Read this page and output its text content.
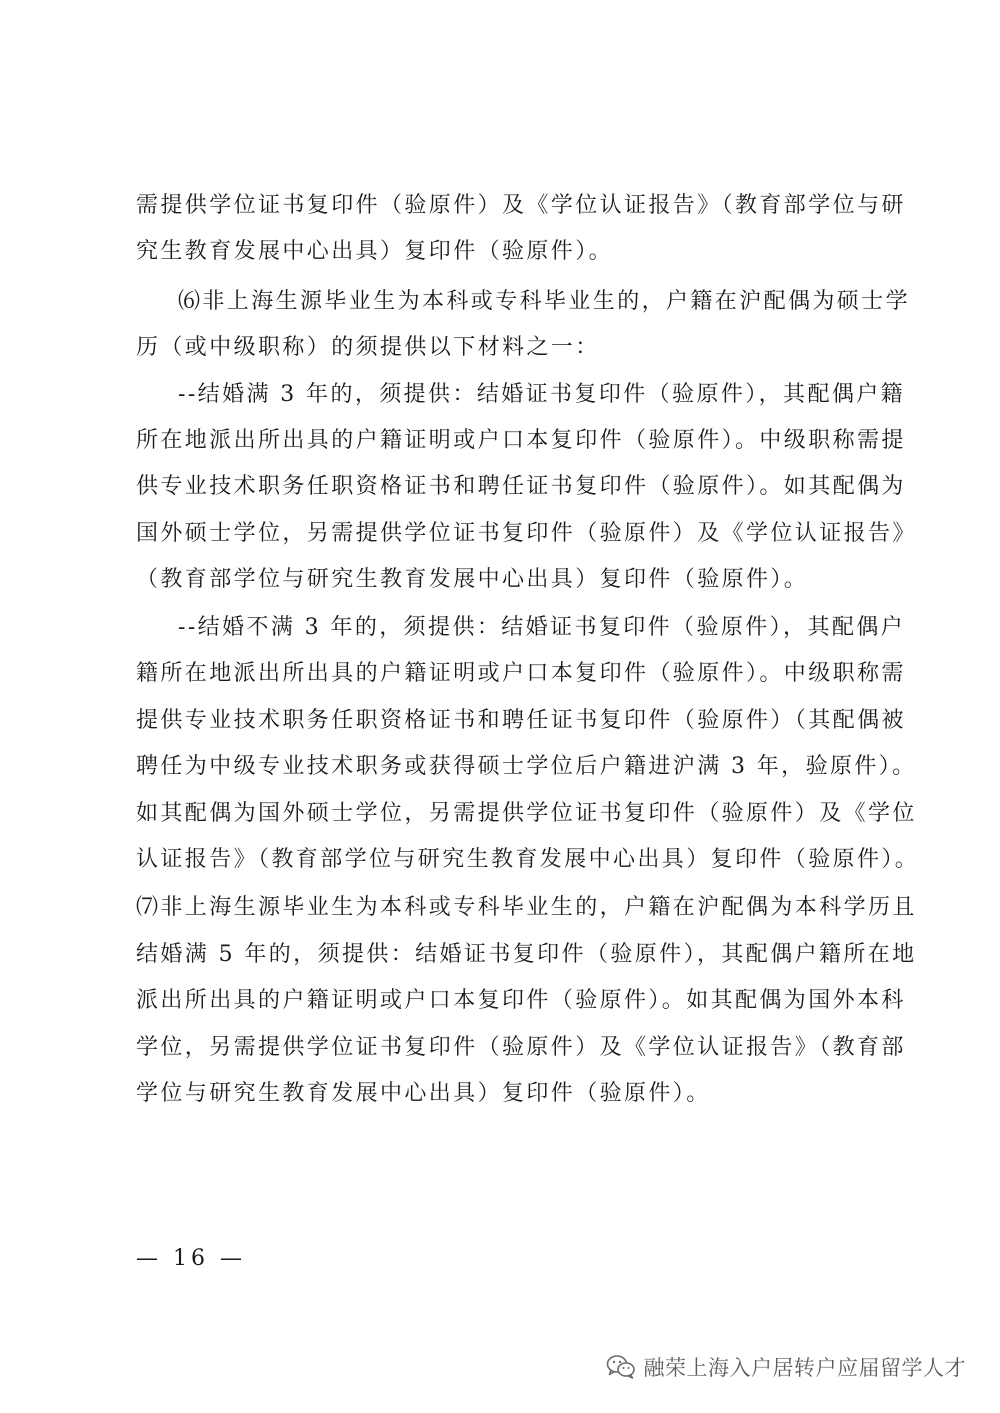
需提供学位证书复印件（验原件）及《学位认证报告》（教育部学位与研
究生教育发展中心出具）复印件（验原件）。
⑹非上海生源毕业生为本科或专科毕业生的，户籍在沪配偶为硕士学
历（或中级职称）的须提供以下材料之一：
--结婚满 3 年的，须提供：结婚证书复印件（验原件），其配偶户籍
所在地派出所出具的户籍证明或户口本复印件（验原件）。中级职称需提
供专业技术职务任职资格证书和聘任证书复印件（验原件）。如其配偶为
国外硕士学位，另需提供学位证书复印件（验原件）及《学位认证报告》
（教育部学位与研究生教育发展中心出具）复印件（验原件）。
--结婚不满 3 年的，须提供：结婚证书复印件（验原件），其配偶户
籍所在地派出所出具的户籍证明或户口本复印件（验原件）。中级职称需
提供专业技术职务任职资格证书和聘任证书复印件（验原件）（其配偶被
聘任为中级专业技术职务或获得硕士学位后户籍进沪满 3 年，验原件）。
如其配偶为国外硕士学位，另需提供学位证书复印件（验原件）及《学位
认证报告》（教育部学位与研究生教育发展中心出具）复印件（验原件）。
⑺非上海生源毕业生为本科或专科毕业生的，户籍在沪配偶为本科学历且
结婚满 5 年的，须提供：结婚证书复印件（验原件），其配偶户籍所在地
派出所出具的户籍证明或户口本复印件（验原件）。如其配偶为国外本科
学位，另需提供学位证书复印件（验原件）及《学位认证报告》（教育部
学位与研究生教育发展中心出具）复印件（验原件）。
— 16 —
融荣上海入户居转户应届留学人才
